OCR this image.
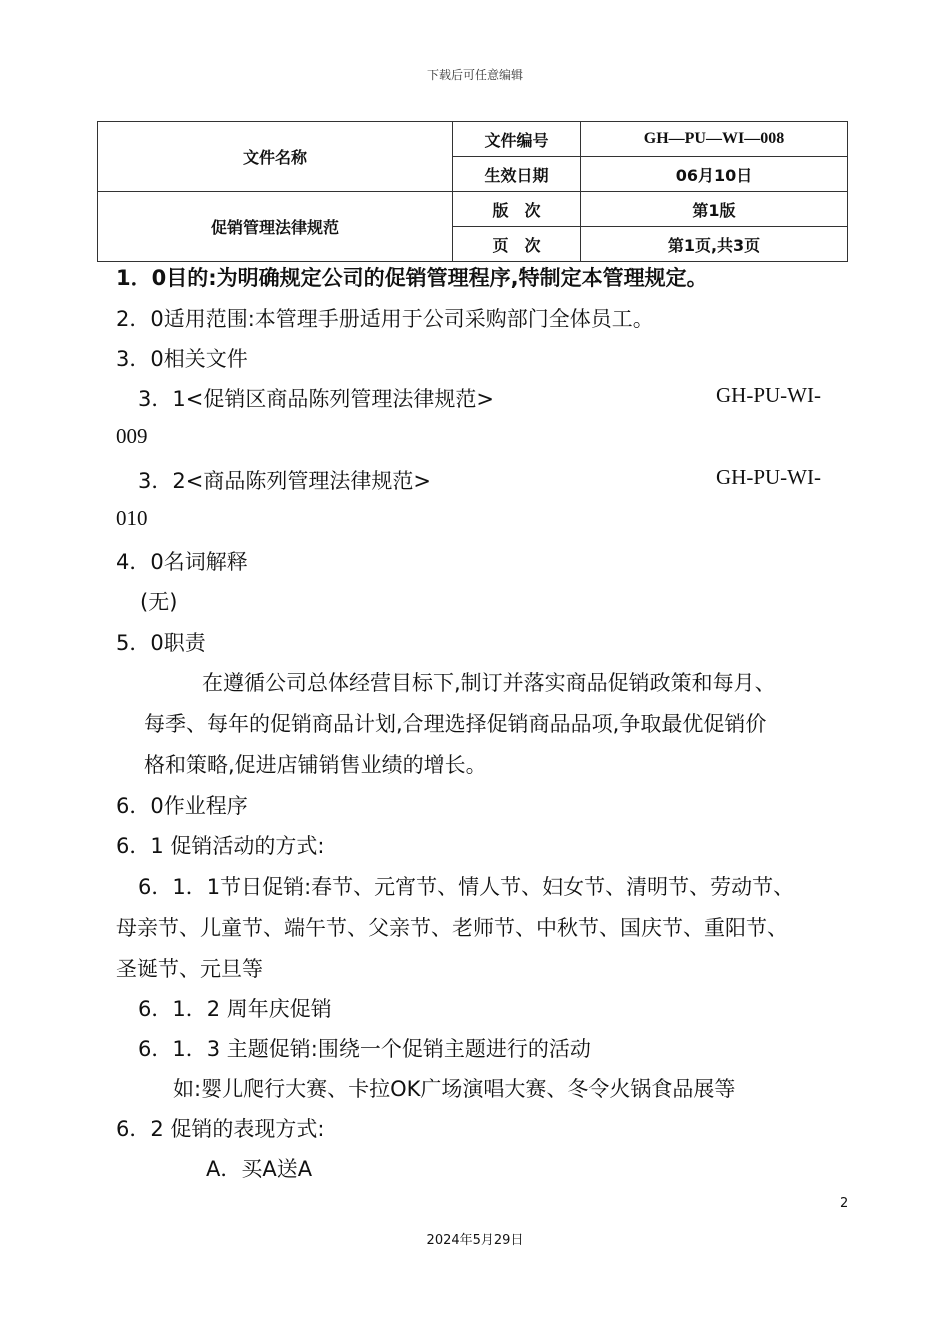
下载后可任意编辑
文件名称	文件编号	GH—PU—WI—008
	生效日期	06月10日
促销管理法律规范	版　次	第1版
	页　次	第1页,共3页
1．0目的:为明确规定公司的促销管理程序,特制定本管理规定。
2．0适用范围:本管理手册适用于公司采购部门全体员工。
3．0相关文件
3．1<促销区商品陈列管理法律规范>	GH-PU-WI-
009
3．2<商品陈列管理法律规范>	GH-PU-WI-
010
4．0名词解释
(无)
5．0职责
在遵循公司总体经营目标下,制订并落实商品促销政策和每月、
每季、每年的促销商品计划,合理选择促销商品品项,争取最优促销价
格和策略,促进店铺销售业绩的增长。
6．0作业程序
6．1 促销活动的方式:
6．1．1节日促销:春节、元宵节、情人节、妇女节、清明节、劳动节、
母亲节、儿童节、端午节、父亲节、老师节、中秋节、国庆节、重阳节、
圣诞节、元旦等
6．1．2 周年庆促销
6．1．3 主题促销:围绕一个促销主题进行的活动
如:婴儿爬行大赛、卡拉OK广场演唱大赛、冬令火锅食品展等
6．2 促销的表现方式:
A．买A送A
2
2024年5月29日
